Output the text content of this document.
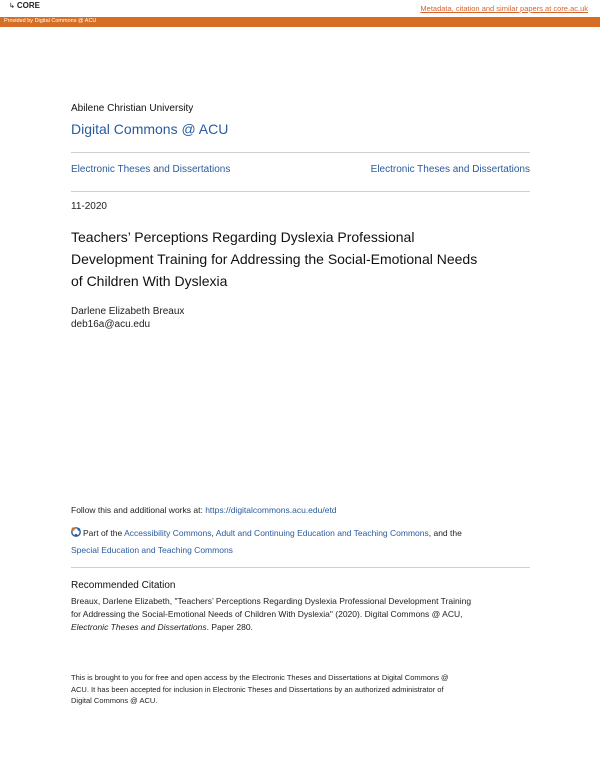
↳ CORE	Metadata, citation and similar papers at core.ac.uk
Provided by Digital Commons @ ACU
Abilene Christian University
Digital Commons @ ACU
Electronic Theses and Dissertations	Electronic Theses and Dissertations
11-2020
Teachers’ Perceptions Regarding Dyslexia Professional
Development Training for Addressing the Social-Emotional Needs
of Children With Dyslexia
Darlene Elizabeth Breaux
deb16a@acu.edu
Follow this and additional works at: https://digitalcommons.acu.edu/etd
Part of the Accessibility Commons, Adult and Continuing Education and Teaching Commons, and the
Special Education and Teaching Commons
Recommended Citation
Breaux, Darlene Elizabeth, "Teachers’ Perceptions Regarding Dyslexia Professional Development Training
for Addressing the Social-Emotional Needs of Children With Dyslexia" (2020). Digital Commons @ ACU,
Electronic Theses and Dissertations. Paper 280.
This is brought to you for free and open access by the Electronic Theses and Dissertations at Digital Commons @
ACU. It has been accepted for inclusion in Electronic Theses and Dissertations by an authorized administrator of
Digital Commons @ ACU.
